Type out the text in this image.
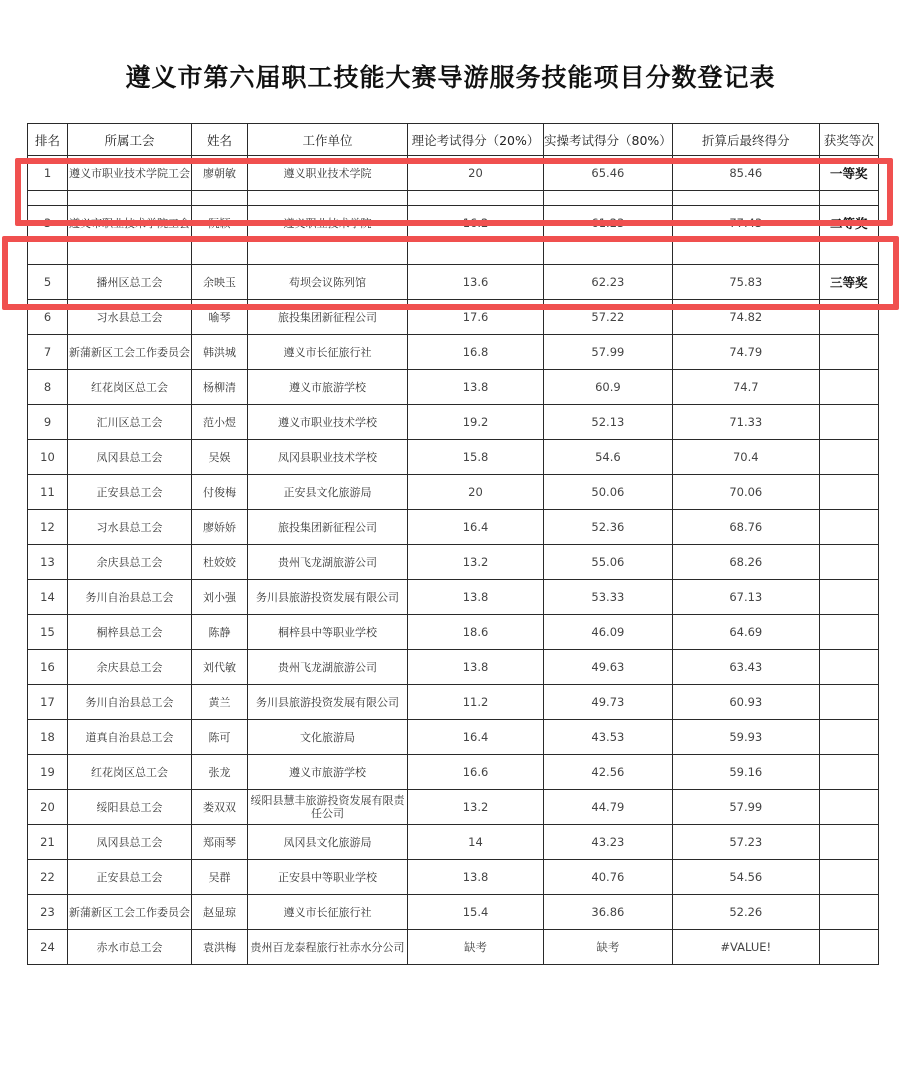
遵义市第六届职工技能大赛导游服务技能项目分数登记表
排名	所属工会	姓名	工作单位	理论考试得分（20%）	实操考试得分（80%）	折算后最终得分	获奖等次
1	遵义市职业技术学院工会	廖朝敏	遵义职业技术学院	20	65.46	85.46	一等奖

3	遵义市职业技术学院工会	阮颖	遵义职业技术学院	16.2	61.23	77.43	二等奖

5	播州区总工会	余映玉	苟坝会议陈列馆	13.6	62.23	75.83	三等奖
6	习水县总工会	喻琴	旅投集团新征程公司	17.6	57.22	74.82	
7	新蒲新区工会工作委员会	韩洪城	遵义市长征旅行社	16.8	57.99	74.79	
8	红花岗区总工会	杨柳清	遵义市旅游学校	13.8	60.9	74.7	
9	汇川区总工会	范小煜	遵义市职业技术学校	19.2	52.13	71.33	
10	凤冈县总工会	吴娱	凤冈县职业技术学校	15.8	54.6	70.4	
11	正安县总工会	付俊梅	正安县文化旅游局	20	50.06	70.06	
12	习水县总工会	廖娇娇	旅投集团新征程公司	16.4	52.36	68.76	
13	余庆县总工会	杜姣姣	贵州飞龙湖旅游公司	13.2	55.06	68.26	
14	务川自治县总工会	刘小强	务川县旅游投资发展有限公司	13.8	53.33	67.13	
15	桐梓县总工会	陈静	桐梓县中等职业学校	18.6	46.09	64.69	
16	余庆县总工会	刘代敏	贵州飞龙湖旅游公司	13.8	49.63	63.43	
17	务川自治县总工会	黄兰	务川县旅游投资发展有限公司	11.2	49.73	60.93	
18	道真自治县总工会	陈可	文化旅游局	16.4	43.53	59.93	
19	红花岗区总工会	张龙	遵义市旅游学校	16.6	42.56	59.16	
20	绥阳县总工会	娄双双	绥阳县慧丰旅游投资发展有限责任公司	13.2	44.79	57.99	
21	凤冈县总工会	郑雨琴	凤冈县文化旅游局	14	43.23	57.23	
22	正安县总工会	吴群	正安县中等职业学校	13.8	40.76	54.56	
23	新蒲新区工会工作委员会	赵显琼	遵义市长征旅行社	15.4	36.86	52.26	
24	赤水市总工会	袁洪梅	贵州百龙泰程旅行社赤水分公司	缺考	缺考	#VALUE!	
